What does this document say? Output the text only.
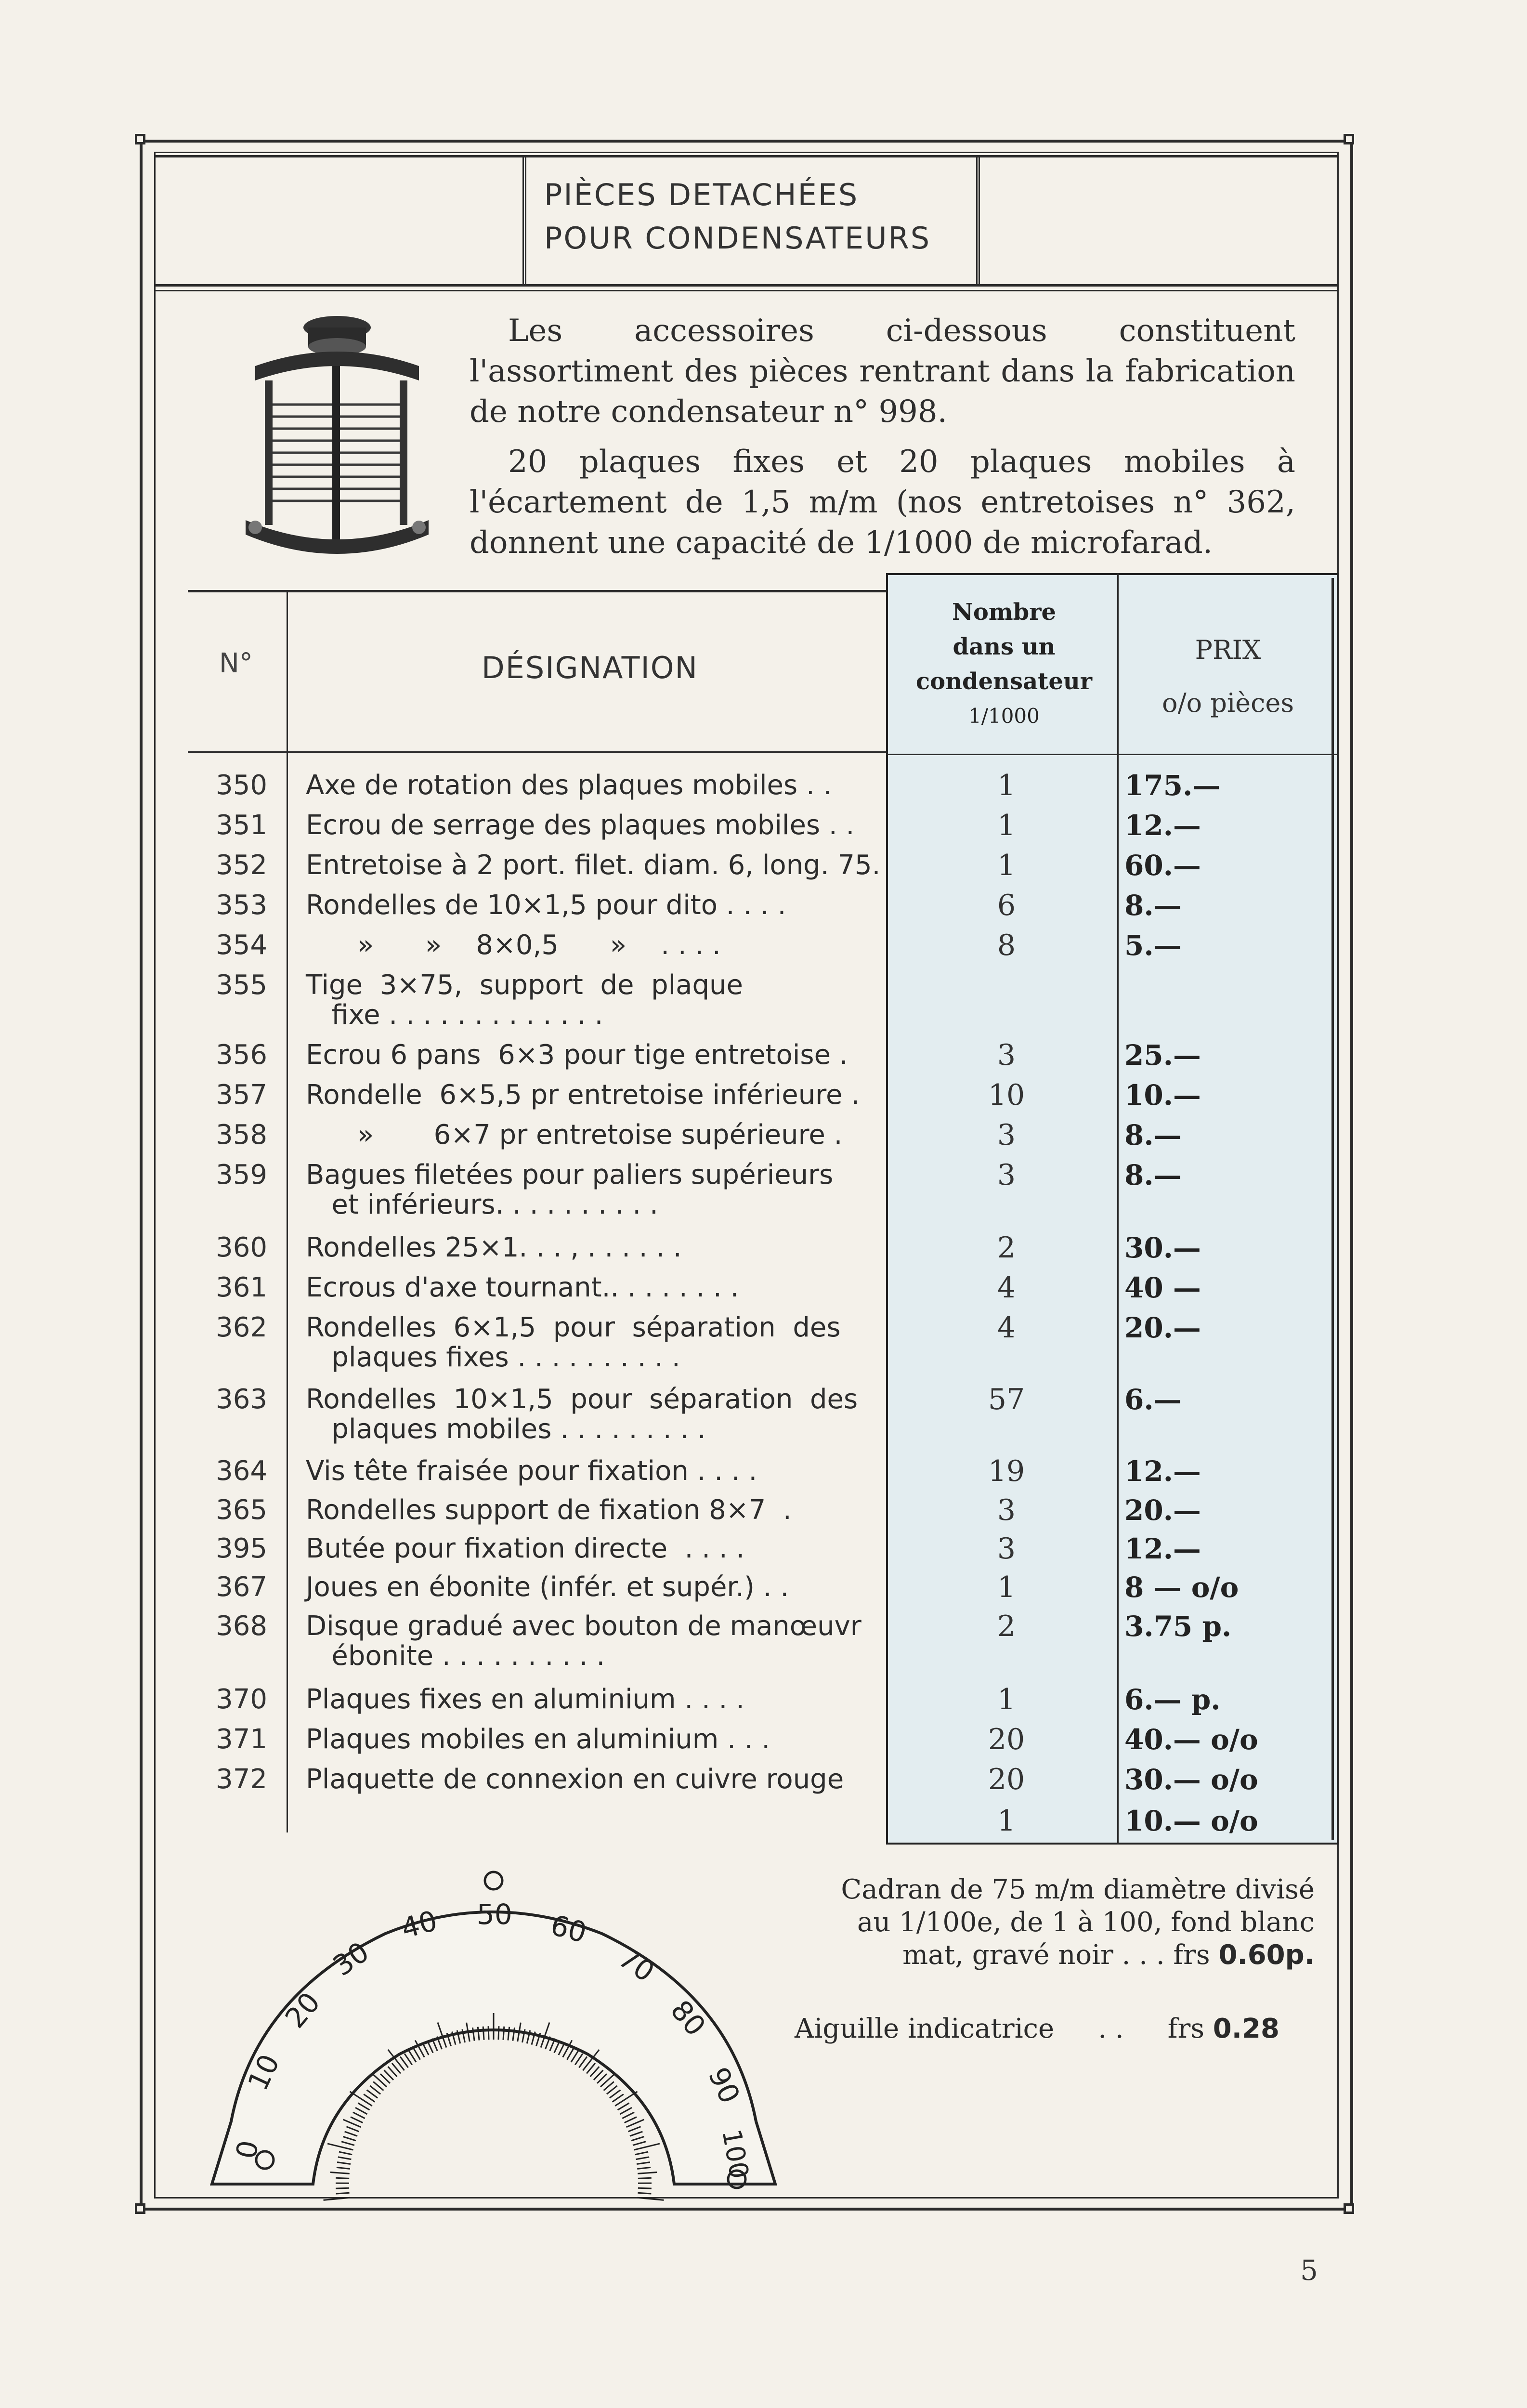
PIÈCES DETACHÉES
POUR CONDENSATEURS

Les accessoires ci-dessous constituent l'assortiment des pièces rentrant dans la fabrication de notre condensateur n° 998.

20 plaques fixes et 20 plaques mobiles à l'écartement de 1,5 m/m (nos entretoises n° 362, donnent une capacité de 1/1000 de microfarad.

N°	DÉSIGNATION
Nombre
dans un
condensateur
1/1000
PRIX
o/o pièces
350 Axe de rotation des plaques mobiles . .	1	175.—
351 Ecrou de serrage des plaques mobiles . .	1	12.—
352 Entretoise à 2 port. filet. diam. 6, long. 75.	1	60.—
353 Rondelles de 10×1,5 pour dito . . . .	6	8.—
354 »      »    8×0,5      »    . . . .	8	5.—
355 Tige  3×75,  support  de  plaque
fixe . . . . . . . . . . . . .
356 Ecrou 6 pans  6×3 pour tige entretoise .	3	25.—
357 Rondelle  6×5,5 pr entretoise inférieure .	10	10.—
358 »       6×7 pr entretoise supérieure .	3	8.—
359 Bagues filetées pour paliers supérieurs
et inférieurs. . . . . . . . . .
3	8.—
360 Rondelles 25×1. . . , . . . . . .	2	30.—
361 Ecrous d'axe tournant.. . . . . . . .	4	40 —
362 Rondelles  6×1,5  pour  séparation  des
plaques fixes . . . . . . . . . .
4	20.—
363 Rondelles  10×1,5  pour  séparation  des
plaques mobiles . . . . . . . . .
57	6.—
364 Vis tête fraisée pour fixation . . . .	19	12.—
365 Rondelles support de fixation 8×7  .	3	20.—
395 Butée pour fixation directe  . . . .	3	12.—
367 Joues en ébonite (infér. et supér.) . .	1	8 — o/o
368 Disque gradué avec bouton de manœuvr
ébonite . . . . . . . . . .
2	3.75 p.
370 Plaques fixes en aluminium . . . .	1	6.— p.
371 Plaques mobiles en aluminium . . .	20	40.— o/o
372 Plaquette de connexion en cuivre rouge	20	30.— o/o
1	10.— o/o
0
10
20
30
40 50 60
70
80
90
100
Cadran de 75 m/m diamètre divisé
au 1/100e, de 1 à 100, fond blanc
mat, gravé noir . . . frs 0.60p.
Aiguille indicatrice . . frs 0.28
5
